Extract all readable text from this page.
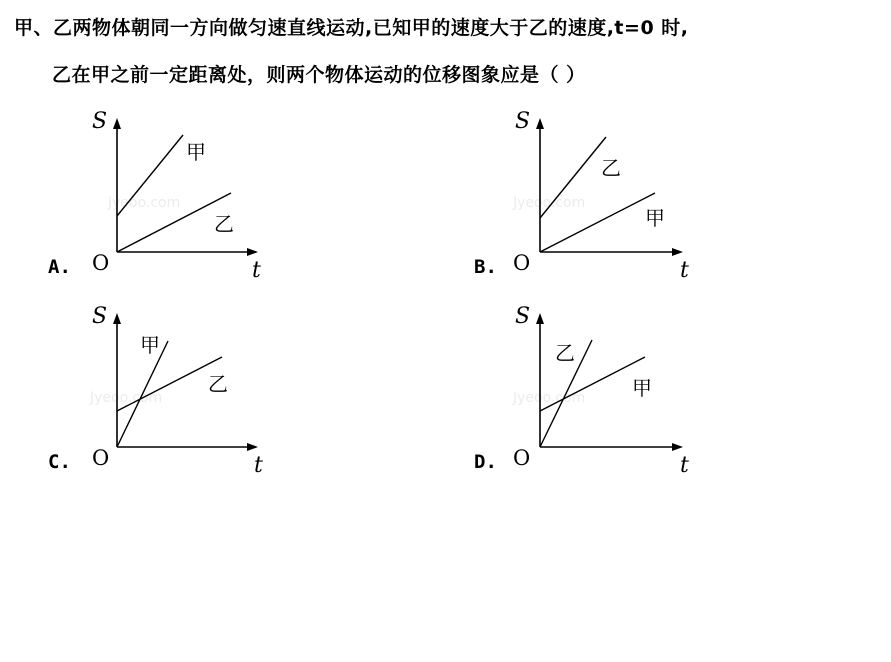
甲、乙两物体朝同一方向做匀速直线运动,已知甲的速度大于乙的速度,t=0 时,
乙在甲之前一定距离处，则两个物体运动的位移图象应是（ ）
A.	B.
C.	D.
Jyeoo.com
S
O	t
甲
乙
Jyeoo.com
S
O	t
乙
甲
Jyeoo.com
S
O	t
甲
乙
Jyeoo.com
S
O	t
乙
甲
